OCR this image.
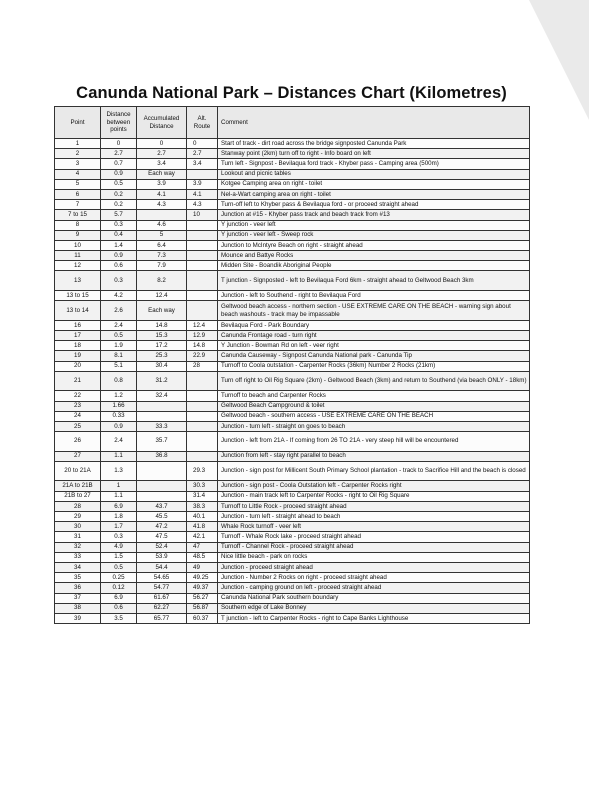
Canunda National Park – Distances Chart (Kilometres)
Point	Distance between points	Accumulated Distance	Alt. Route	Comment
1	0	0	0	Start of track - dirt road across the bridge signposted Canunda Park
2	2.7	2.7	2.7	Stanway point (2km) turn off to right - Info board on left
3	0.7	3.4	3.4	Turn left - Signpost - Bevilaqua ford track - Khyber pass - Camping area (500m)
4	0.9	Each way		Lookout and picnic tables
5	0.5	3.9	3.9	Kotgee Camping area on right - toilet
6	0.2	4.1	4.1	Nel-a-Wart camping area on right - toilet
7	0.2	4.3	4.3	Turn-off left to Khyber pass & Bevilaqua ford - or proceed straight ahead
7 to 15	5.7		10	Junction at #15 - Khyber pass track and beach track from #13
8	0.3	4.6		Y junction - veer left
9	0.4	5		Y junction - veer left - Sweep rock
10	1.4	6.4		Junction to McIntyre Beach on right - straight ahead
11	0.9	7.3		Mounce and Battye Rocks
12	0.6	7.9		Midden Site - Boandik Aboriginal People
13	0.3	8.2		T junction - Signposted - left to Bevilaqua Ford 6km - straight ahead to Geltwood Beach 3km
13 to 15	4.2	12.4		Junction - left to Southend - right to Bevilaqua Ford
13 to 14	2.6	Each way		Geltwood beach access - northern section - USE EXTREME CARE ON THE BEACH - warning sign about beach washouts - track may be impassable
16	2.4	14.8	12.4	Bevilaqua Ford - Park Boundary
17	0.5	15.3	12.9	Canunda Frontage road - turn right
18	1.9	17.2	14.8	Y Junction - Bowman Rd on left - veer right
19	8.1	25.3	22.9	Canunda Causeway - Signpost Canunda National park - Canunda Tip
20	5.1	30.4	28	Turnoff to Coola outstation - Carpenter Rocks (36km) Number 2 Rocks (21km)
21	0.8	31.2		Turn off right to Oil Rig Square (2km) - Geltwood Beach (3km) and return to Southend (via beach ONLY - 18km)
22	1.2	32.4		Turnoff to beach and Carpenter Rocks
23	1.66			Geltwood Beach Campground & toilet
24	0.33			Geltwood beach - southern access - USE EXTREME CARE ON THE BEACH
25	0.9	33.3		Junction - turn left - straight on goes to beach
26	2.4	35.7		Junction - left from 21A - If coming from 26 TO 21A - very steep hill will be encountered
27	1.1	36.8		Junction from left - stay right parallel to beach
20 to 21A	1.3		29.3	Junction - sign post for Millicent South Primary School plantation - track to Sacrifice Hill and the beach is closed
21A to 21B	1		30.3	Junction - sign post - Coola Outstation left - Carpenter Rocks right
21B to 27	1.1		31.4	Junction - main track left to Carpenter Rocks - right to Oil Rig Square
28	6.9	43.7	38.3	Turnoff to Little Rock - proceed straight ahead
29	1.8	45.5	40.1	Junction - turn left - straight ahead to beach
30	1.7	47.2	41.8	Whale Rock turnoff - veer left
31	0.3	47.5	42.1	Turnoff - Whale Rock lake - proceed straight ahead
32	4.9	52.4	47	Turnoff - Channel Rock - proceed straight ahead
33	1.5	53.9	48.5	Nice little beach - park on rocks
34	0.5	54.4	49	Junction - proceed straight ahead
35	0.25	54.65	49.25	Junction - Number 2 Rocks on right - proceed straight ahead
36	0.12	54.77	49.37	Junction - camping ground on left - proceed straight ahead
37	6.9	61.67	56.27	Canunda National Park southern boundary
38	0.6	62.27	56.87	Southern edge of Lake Bonney
39	3.5	65.77	60.37	T junction - left to Carpenter Rocks - right to Cape Banks Lighthouse
